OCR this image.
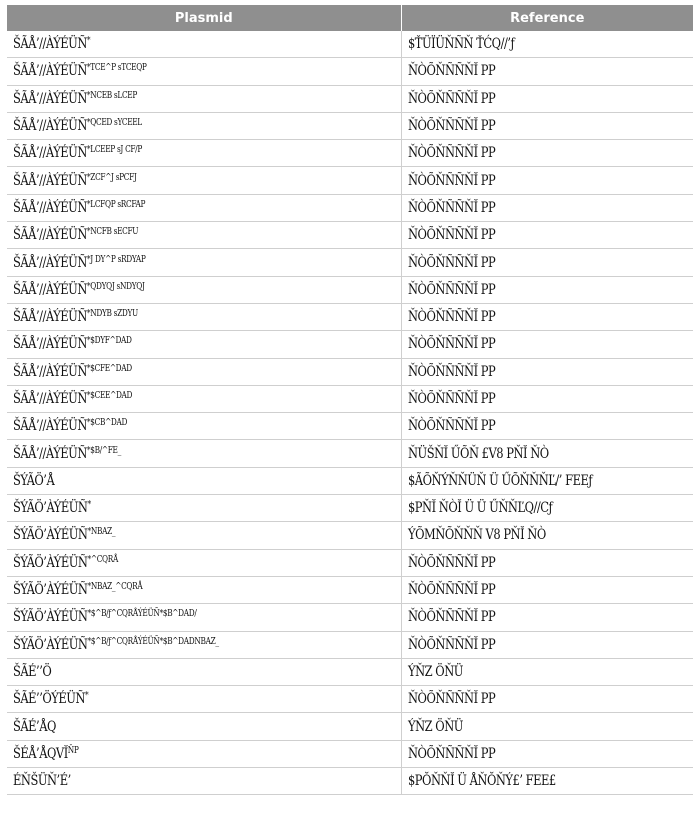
Plasmid	Reference
ŠÃÅ’//ÀÝÉÜÑ*	$ŤÜÏÜŇÑŇ ŤĆQ//’ƒ
$ŠÃÅ’//ÀÝÉÜÑ^{*TCE\^{}P sTCEQP}$	ŇÒÕŇÑÑŇĬ PP
$ŠÃÅ’//ÀÝÉÜÑ^{*NCEB sLCEP}$	ŇÒÕŇÑÑŇĬ PP
$ŠÃÅ’//ÀÝÉÜÑ^{*QCED sYCEEL}$	ŇÒÕŇÑÑŇĬ PP
$ŠÃÅ’//ÀÝÉÜÑ^{*LCEEP sJ CF/P}$	ŇÒÕŇÑÑŇĬ PP
$ŠÃÅ’//ÀÝÉÜÑ^{*ZCF\^{}J sPCFJ}$	ŇÒÕŇÑÑŇĬ PP
$ŠÃÅ’//ÀÝÉÜÑ^{*LCFQP sRCFAP}$	ŇÒÕŇÑÑŇĬ PP
$ŠÃÅ’//ÀÝÉÜÑ^{*NCFB sECFU}$	ŇÒÕŇÑÑŇĬ PP
$ŠÃÅ’//ÀÝÉÜÑ^{*J DY\^{}P sRDYAP}$	ŇÒÕŇÑÑŇĬ PP
$ŠÃÅ’//ÀÝÉÜÑ^{*QDYQJ sNDYQJ}$	ŇÒÕŇÑÑŇĬ PP
$ŠÃÅ’//ÀÝÉÜÑ^{*NDYB sZDYU}$	ŇÒÕŇÑÑŇĬ PP
$ŠÃÅ’//ÀÝÉÜÑ^{*\$DYF\^{}DAD}$	ŇÒÕŇÑÑŇĬ PP
$ŠÃÅ’//ÀÝÉÜÑ^{*\$CFE\^{}DAD}$	ŇÒÕŇÑÑŇĬ PP
$ŠÃÅ’//ÀÝÉÜÑ^{*\$CEE\^{}DAD}$	ŇÒÕŇÑÑŇĬ PP
$ŠÃÅ’//ÀÝÉÜÑ^{*\$CB\^{}DAD}$	ŇÒÕŇÑÑŇĬ PP
$ŠÃÅ’//ÀÝÉÜÑ^{*\$B/\^{}FE\_}$	ŇÜŠŇĬ ŰÕŇ £V8 PŇĬ ŇÒ
ŠÝÃÖ’Å	$ÃÕŇÝŇŇÜŇ Ü ŰÕŇŇŇĽ/’ FEEƒ
ŠÝÃÖ’ÀÝÉÜÑ*	$PŇĬ ŇÒĬ Ü Ü ŰŇŇĽQ//Cƒ
$ŠÝÃÖ’ÀÝÉÜÑ^{*NBAZ\_}$	ÝÕMŇÕŇŇŇ V8 PŇĬ ŇÒ
$ŠÝÃÖ’ÀÝÉÜÑ^{*\^{}CQRÅ}$	ŇÒÕŇÑÑŇĬ PP
$ŠÝÃÖ’ÀÝÉÜÑ^{*NBAZ\_\^{}CQRÅ}$	ŇÒÕŇÑÑŇĬ PP
$ŠÝÃÖ’ÀÝÉÜÑ^{*\$\^{}B/ƒ\^{}CQRÅÝÉÜÑ*\$B\^{}DAD/}$	ŇÒÕŇÑÑŇĬ PP
$ŠÝÃÖ’ÀÝÉÜÑ^{*\$\^{}B/ƒ\^{}CQRÅÝÉÜÑ*\$B\^{}DADNBAZ\_}$	ŇÒÕŇÑÑŇĬ PP
ŠÃÉ’’Ö	ÝŇZ ÖŇÜ
ŠÃÉ’’ÖÝÉÜÑ*	ŇÒÕŇÑÑŇĬ PP
ŠÃÉ’ÅQ	ÝŇZ ÖŇÜ
$ŠÉÅ’ÅQVĬ^{ŇP}$	ŇÒÕŇÑÑŇĬ PP
ÉŇŠÜŇ’É’	$PŎŇŇĬ Ü ÅŇŎŇÝ£’ FEE£
